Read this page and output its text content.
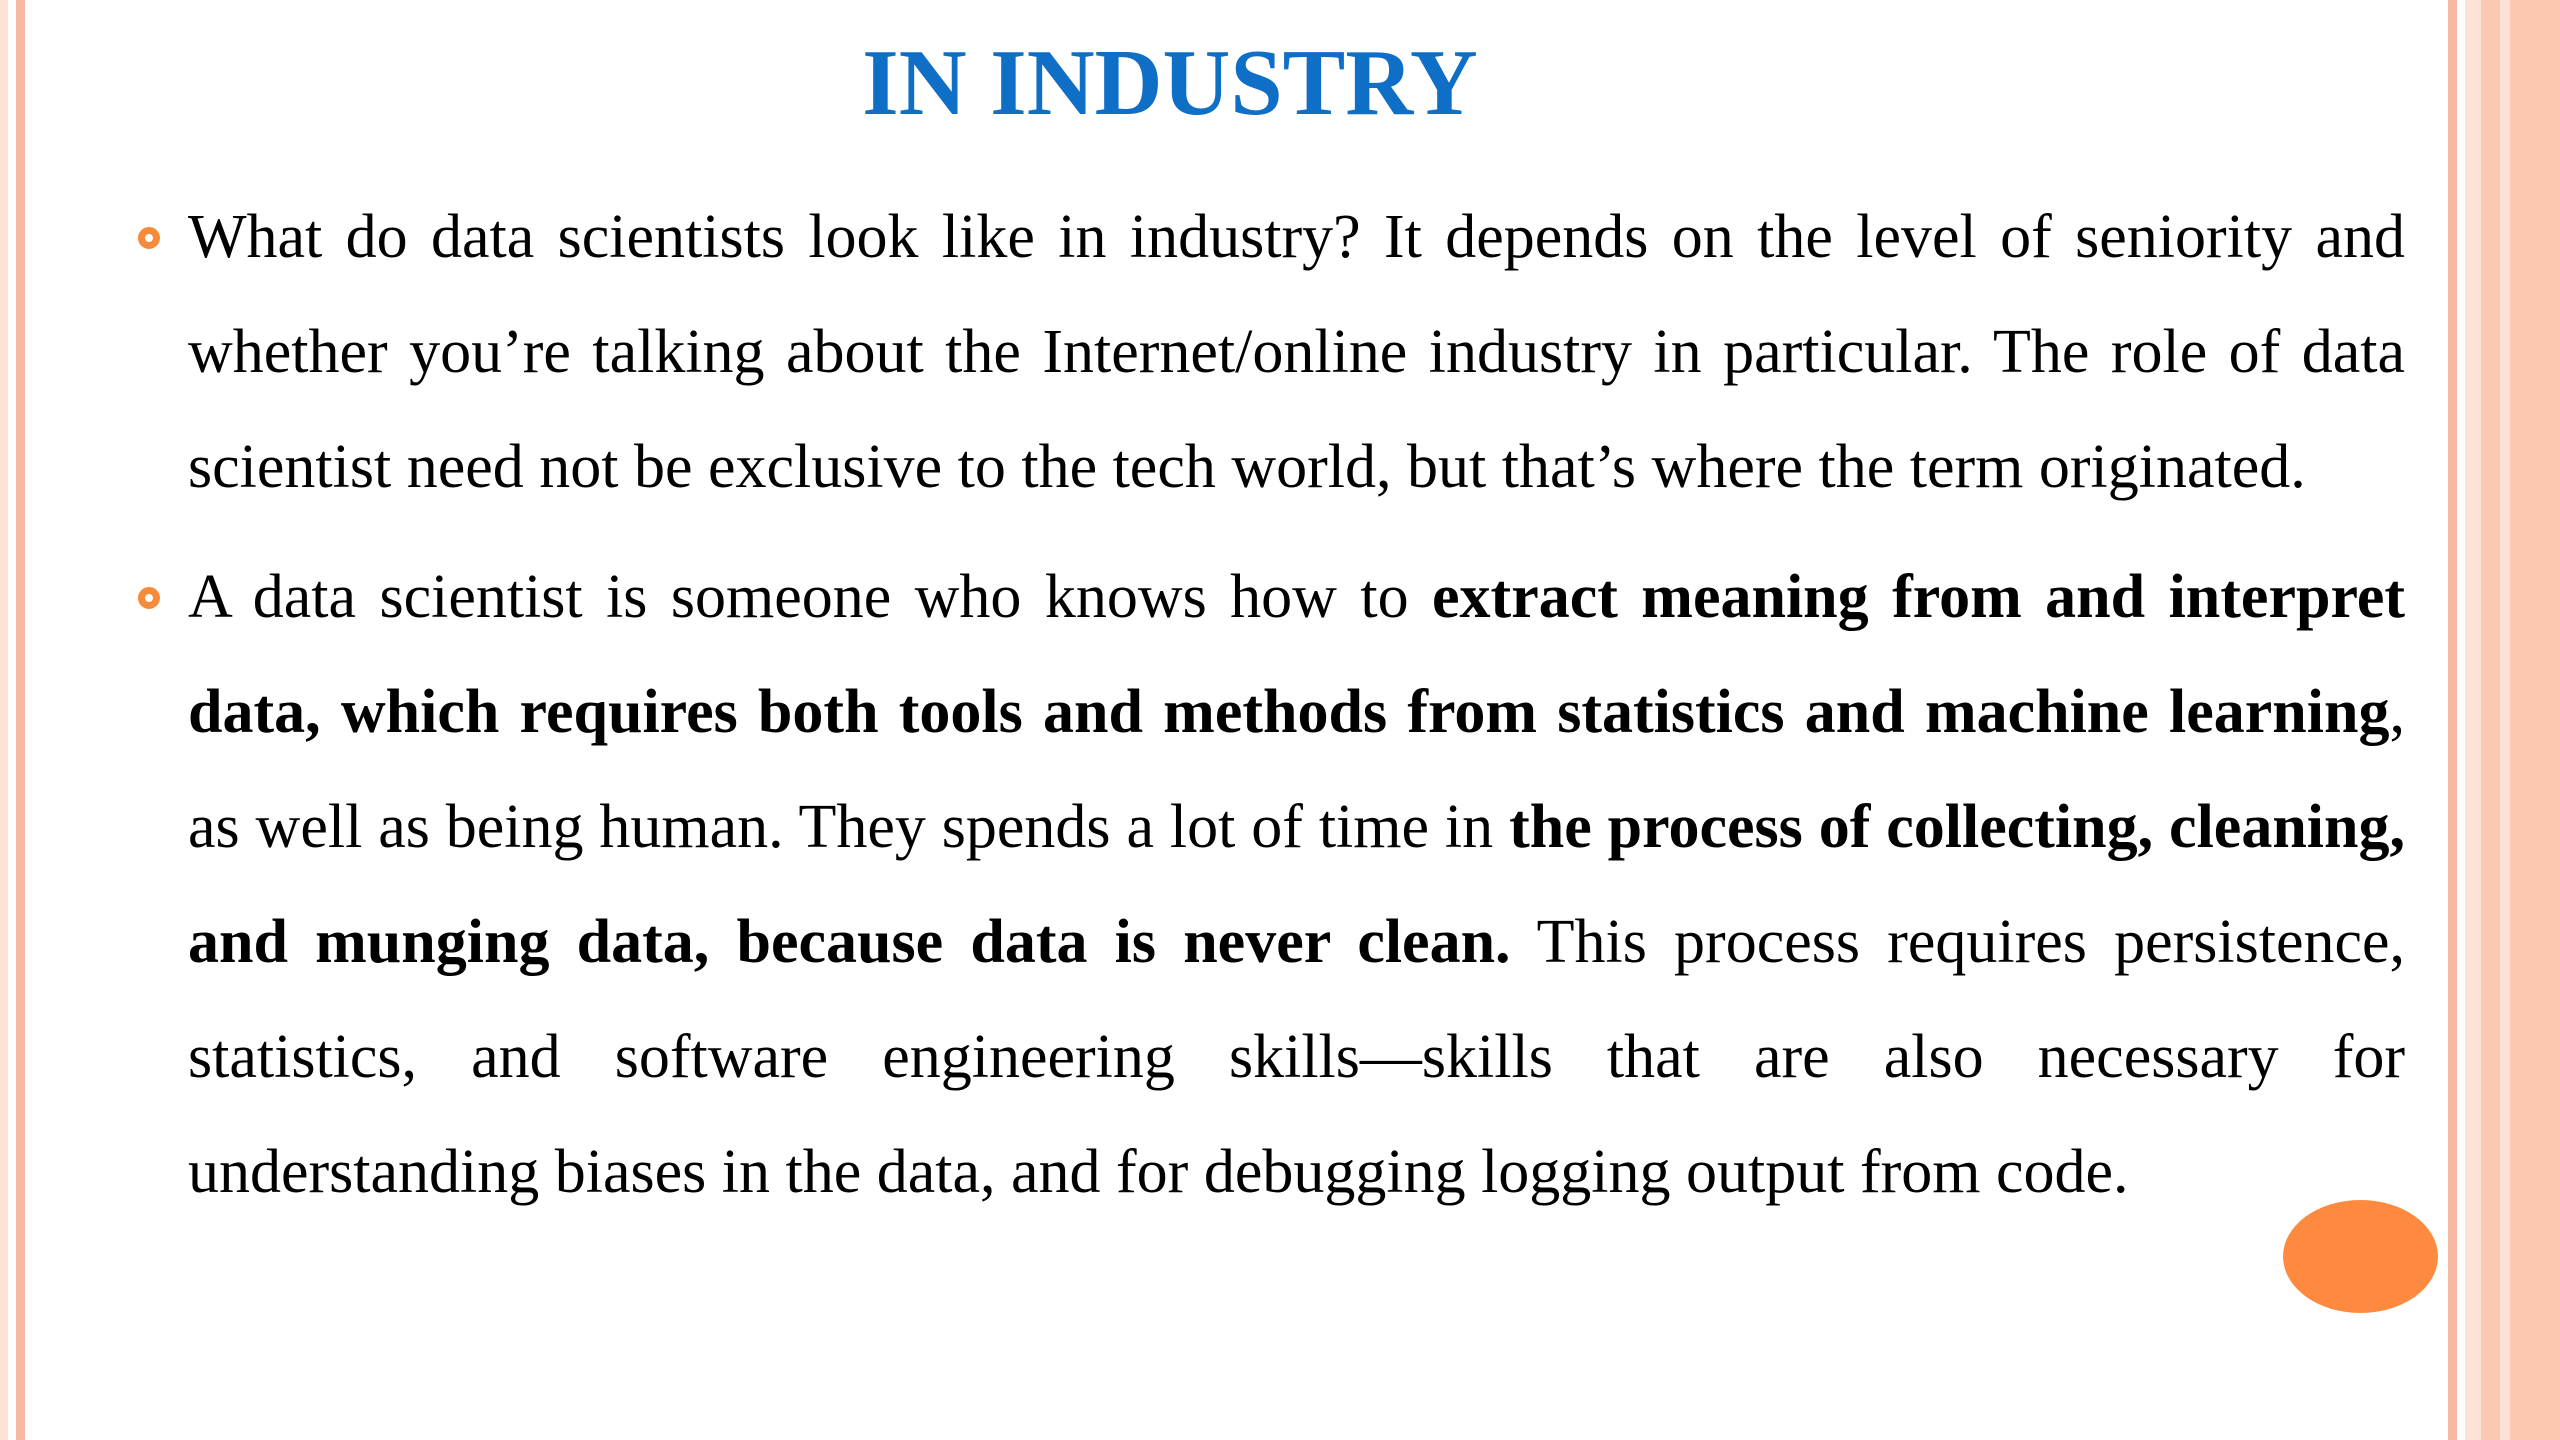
IN INDUSTRY
What do data scientists look like in industry? It depends on the level of seniority and whether you’re talking about the Internet/online industry in particular. The role of data scientist need not be exclusive to the tech world, but that’s where the term originated.
A data scientist is someone who knows how to extract meaning from and interpret data, which requires both tools and methods from statistics and machine learning, as well as being human. They spends a lot of time in the process of collecting, cleaning, and munging data, because data is never clean. This process requires persistence, statistics, and software engineering skills—skills that are also necessary for understanding biases in the data, and for debugging logging output from code.
